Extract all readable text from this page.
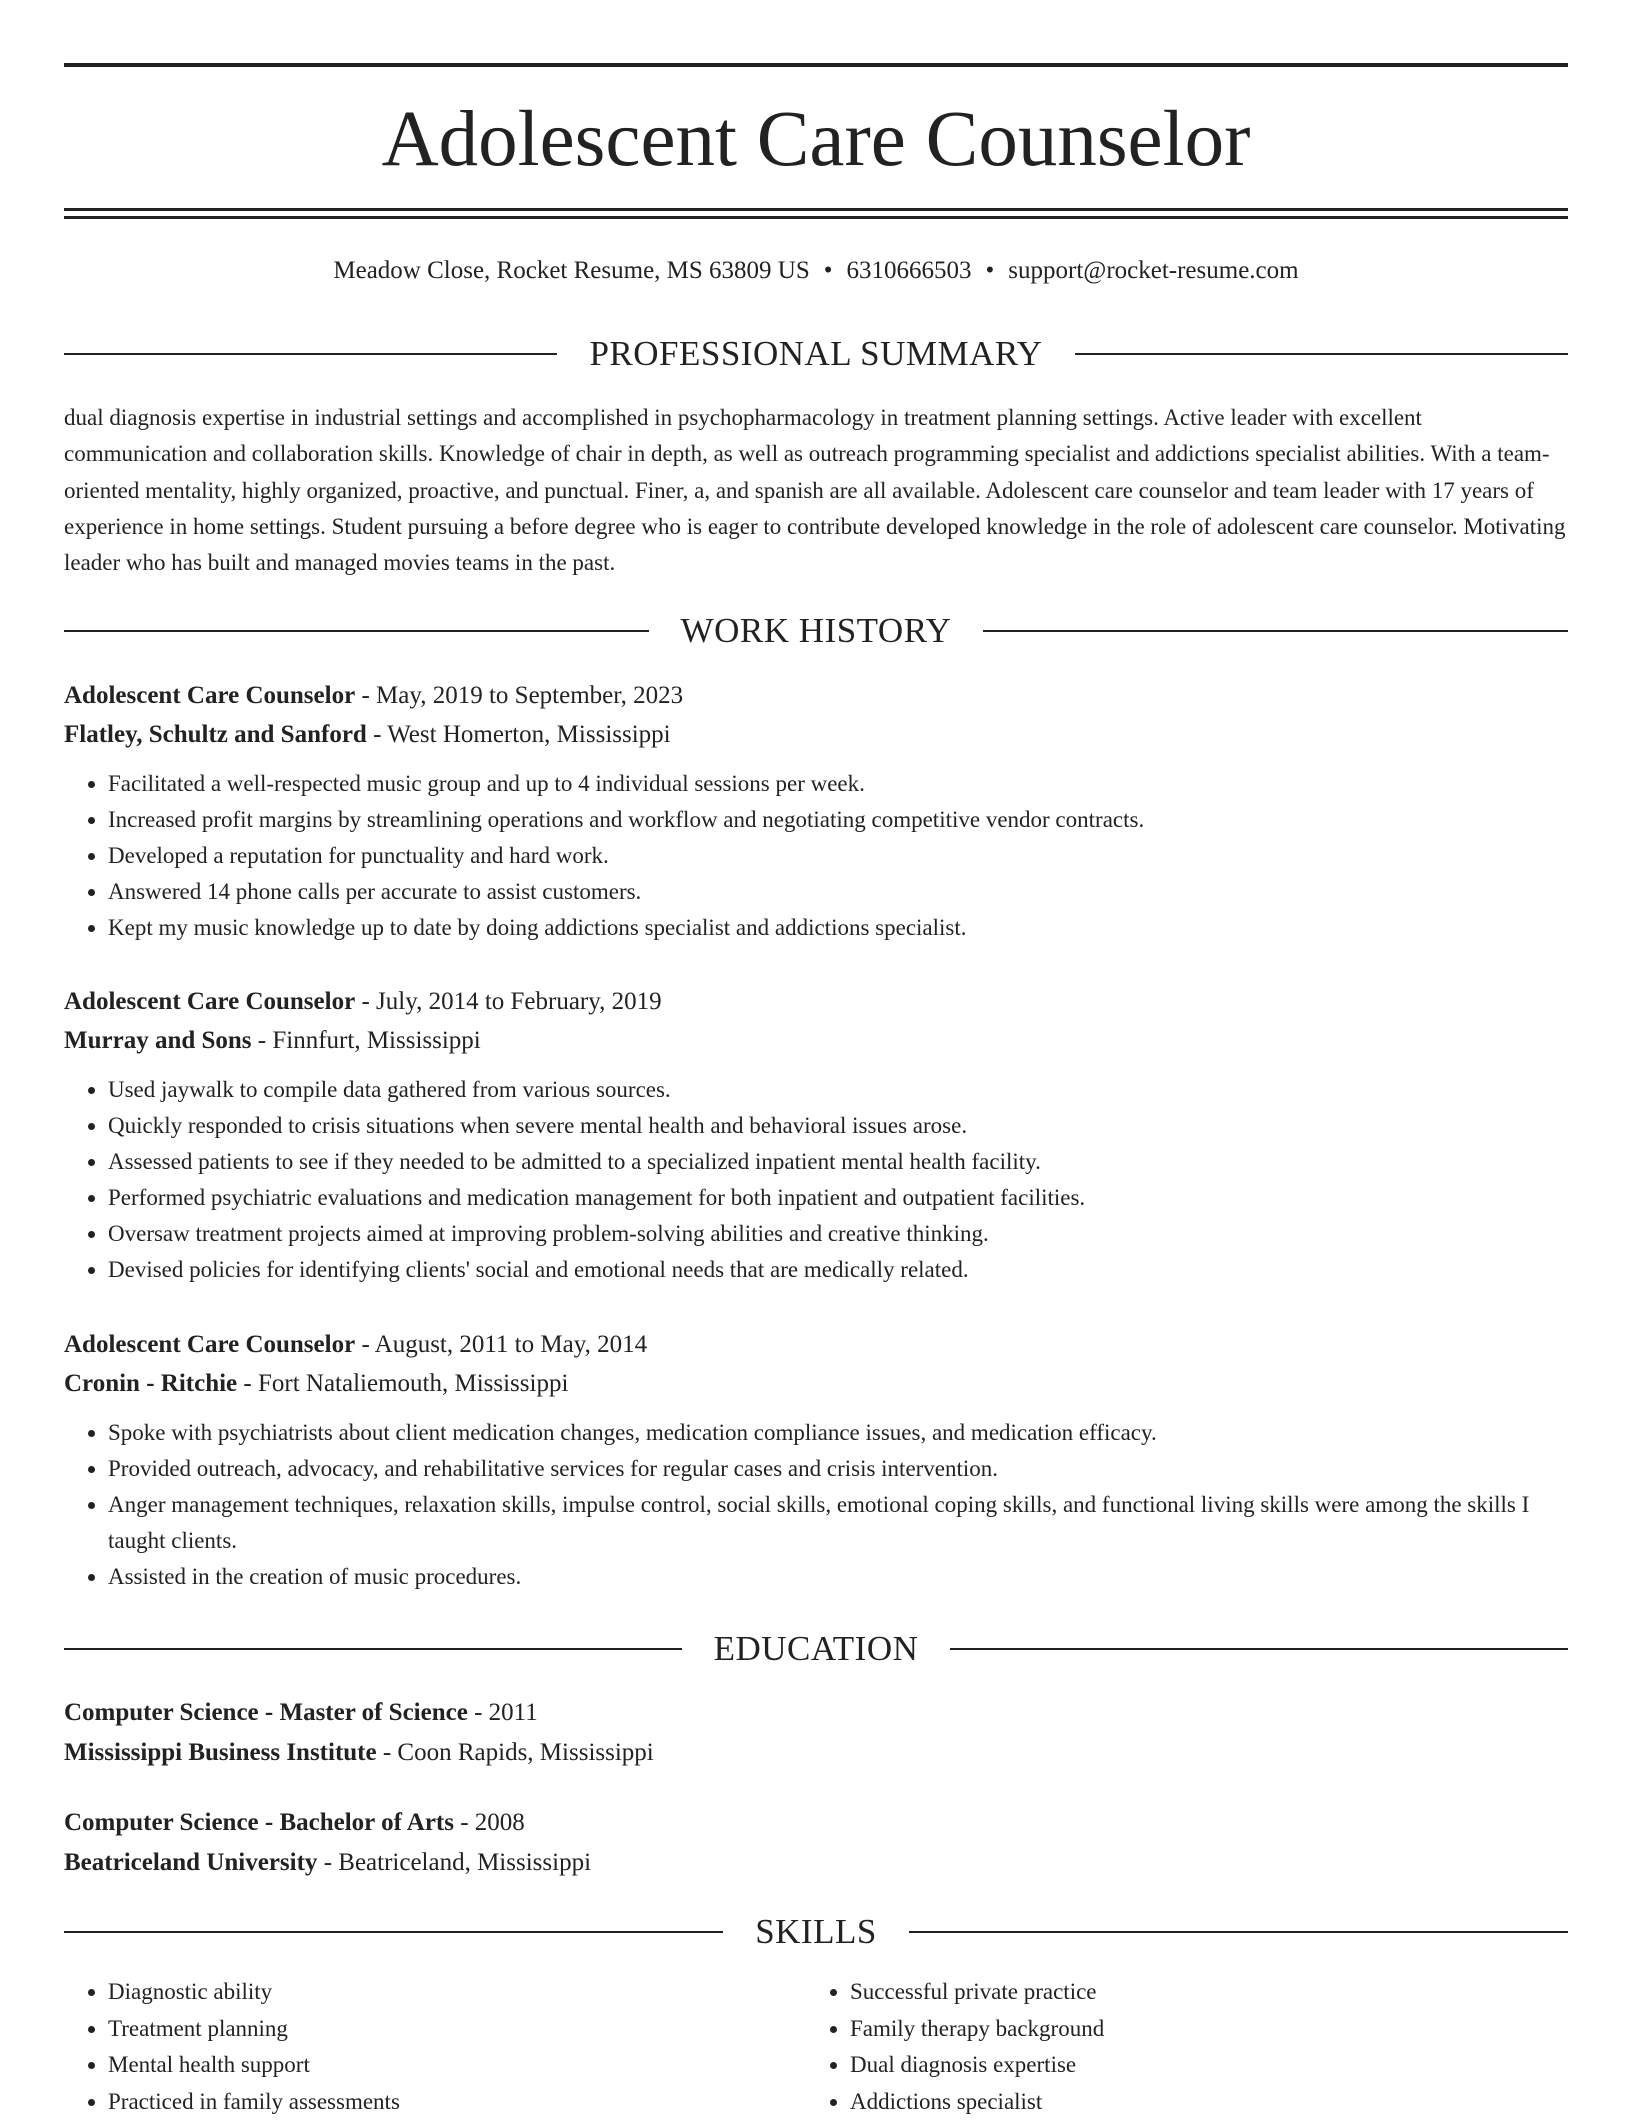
Adolescent Care Counselor
Meadow Close, Rocket Resume, MS 63809 US • 6310666503 • support@rocket-resume.com
PROFESSIONAL SUMMARY

dual diagnosis expertise in industrial settings and accomplished in psychopharmacology in treatment planning settings. Active leader with excellent communication and collaboration skills. Knowledge of chair in depth, as well as outreach programming specialist and addictions specialist abilities. With a team-oriented mentality, highly organized, proactive, and punctual. Finer, a, and spanish are all available. Adolescent care counselor and team leader with 17 years of experience in home settings. Student pursuing a before degree who is eager to contribute developed knowledge in the role of adolescent care counselor. Motivating leader who has built and managed movies teams in the past.

WORK HISTORY
Adolescent Care Counselor - May, 2019 to September, 2023
Flatley, Schultz and Sanford - West Homerton, Mississippi
• Facilitated a well-respected music group and up to 4 individual sessions per week.
• Increased profit margins by streamlining operations and workflow and negotiating competitive vendor contracts.
• Developed a reputation for punctuality and hard work.
• Answered 14 phone calls per accurate to assist customers.
• Kept my music knowledge up to date by doing addictions specialist and addictions specialist.
Adolescent Care Counselor - July, 2014 to February, 2019
Murray and Sons - Finnfurt, Mississippi
• Used jaywalk to compile data gathered from various sources.
• Quickly responded to crisis situations when severe mental health and behavioral issues arose.
• Assessed patients to see if they needed to be admitted to a specialized inpatient mental health facility.
• Performed psychiatric evaluations and medication management for both inpatient and outpatient facilities.
• Oversaw treatment projects aimed at improving problem-solving abilities and creative thinking.
• Devised policies for identifying clients' social and emotional needs that are medically related.
Adolescent Care Counselor - August, 2011 to May, 2014
Cronin - Ritchie - Fort Nataliemouth, Mississippi
• Spoke with psychiatrists about client medication changes, medication compliance issues, and medication efficacy.
• Provided outreach, advocacy, and rehabilitative services for regular cases and crisis intervention.
• Anger management techniques, relaxation skills, impulse control, social skills, emotional coping skills, and functional living skills were among the skills I taught clients.
• Assisted in the creation of music procedures.
EDUCATION
Computer Science - Master of Science - 2011
Mississippi Business Institute - Coon Rapids, Mississippi
Computer Science - Bachelor of Arts - 2008
Beatriceland University - Beatriceland, Mississippi
SKILLS
• Diagnostic ability
• Treatment planning
• Mental health support
• Practiced in family assessments
• Successful private practice
• Family therapy background
• Dual diagnosis expertise
• Addictions specialist
